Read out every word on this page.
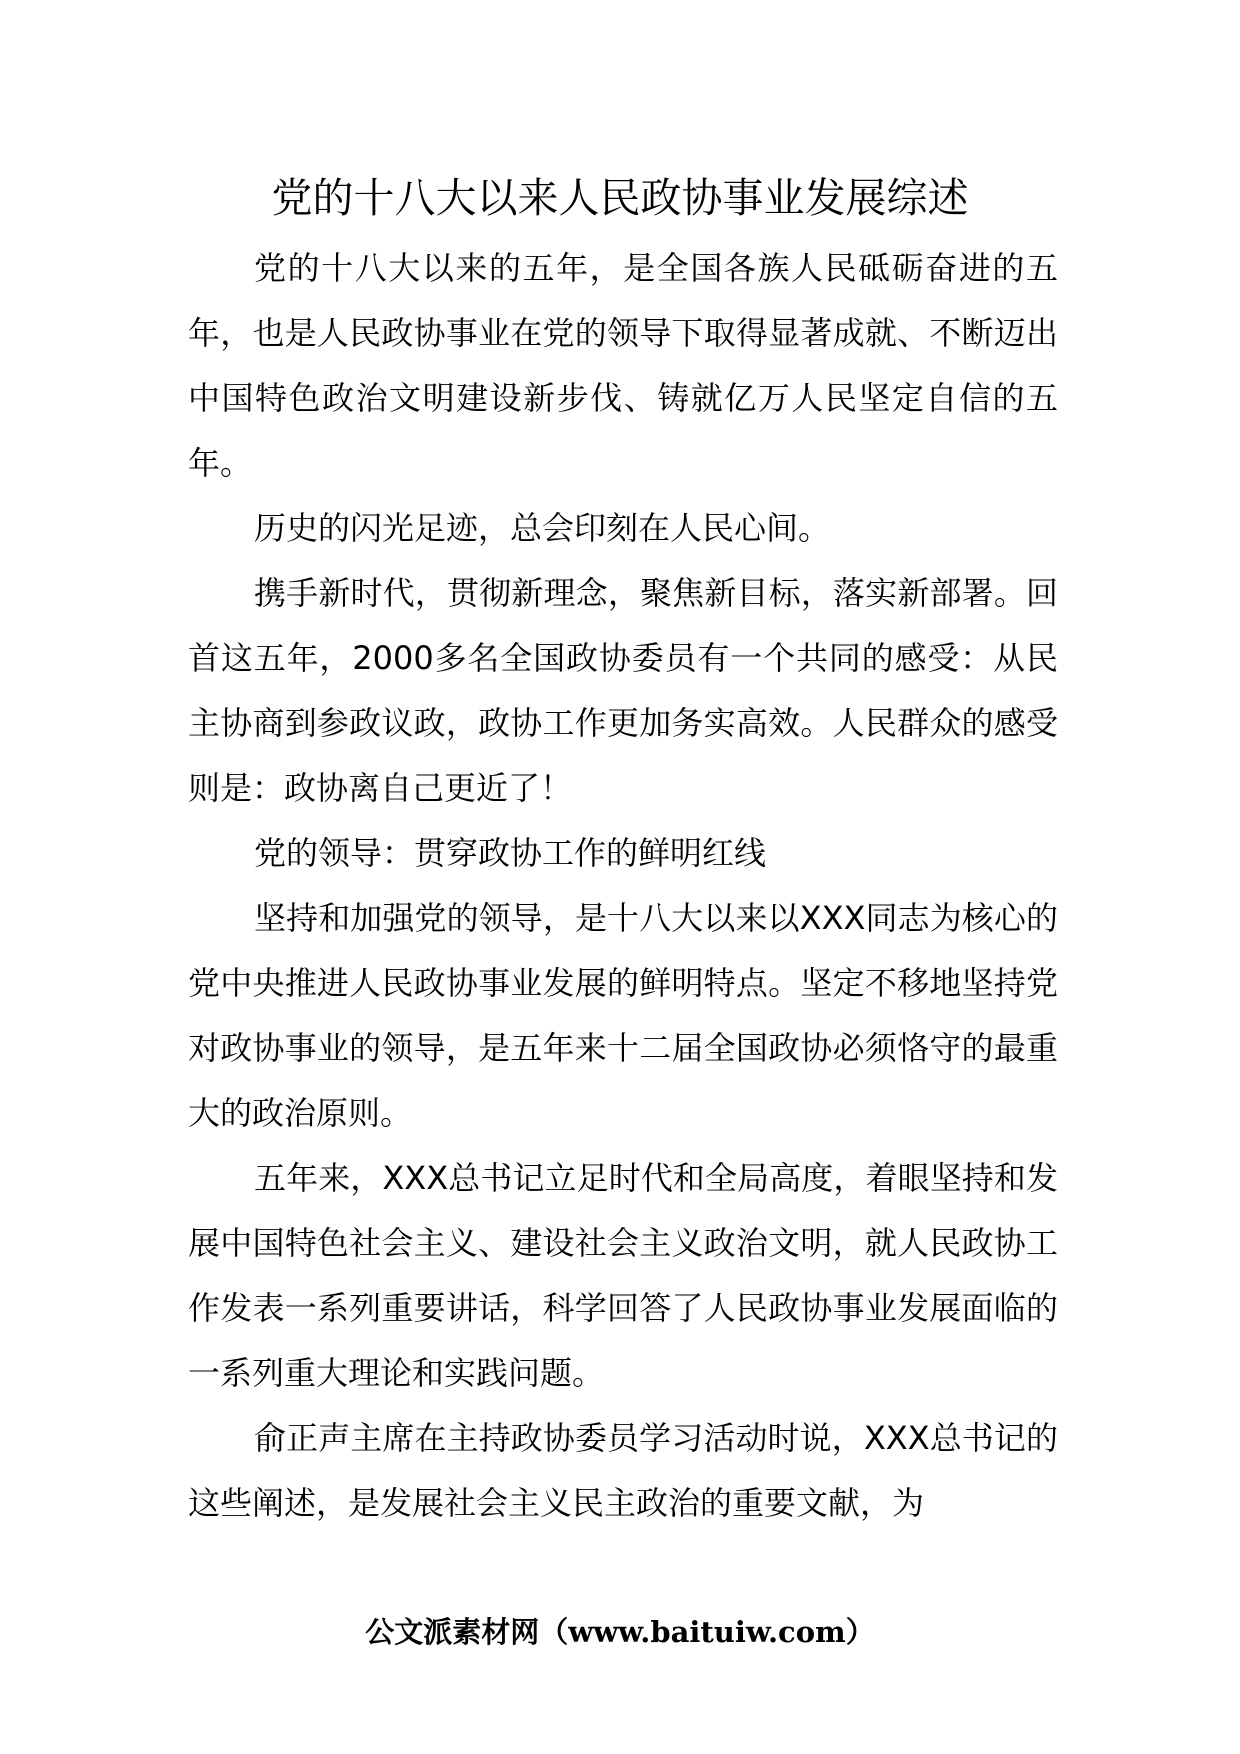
党的十八大以来人民政协事业发展综述

党的十八大以来的五年，是全国各族人民砥砺奋进的五年，也是人民政协事业在党的领导下取得显著成就、不断迈出中国特色政治文明建设新步伐、铸就亿万人民坚定自信的五年。

历史的闪光足迹，总会印刻在人民心间。

携手新时代，贯彻新理念，聚焦新目标，落实新部署。回首这五年，2000多名全国政协委员有一个共同的感受：从民主协商到参政议政，政协工作更加务实高效。人民群众的感受则是：政协离自己更近了！

党的领导：贯穿政协工作的鲜明红线

坚持和加强党的领导，是十八大以来以XXX同志为核心的党中央推进人民政协事业发展的鲜明特点。坚定不移地坚持党对政协事业的领导，是五年来十二届全国政协必须恪守的最重大的政治原则。

五年来，XXX总书记立足时代和全局高度，着眼坚持和发展中国特色社会主义、建设社会主义政治文明，就人民政协工作发表一系列重要讲话，科学回答了人民政协事业发展面临的一系列重大理论和实践问题。

俞正声主席在主持政协委员学习活动时说，XXX总书记的这些阐述，是发展社会主义民主政治的重要文献，为

公文派素材网（www.baituiw.com）
